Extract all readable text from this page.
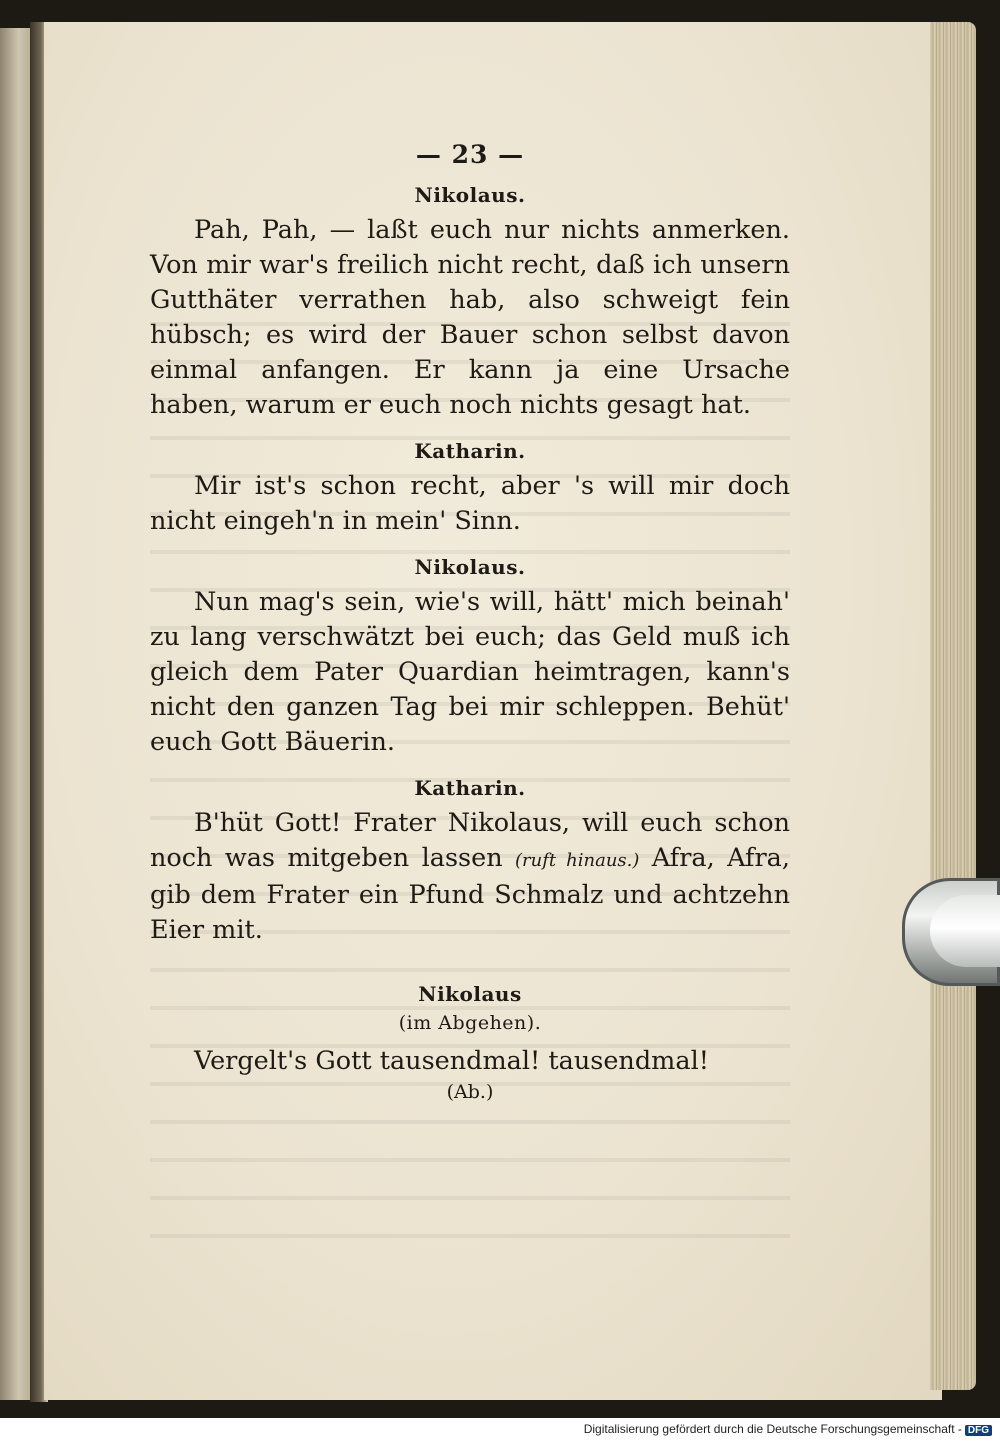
— 23 —
Nikolaus.

Pah, Pah, — laßt euch nur nichts anmerken. Von mir war's freilich nicht recht, daß ich unsern Gutthäter verrathen hab, also schweigt fein hübsch; es wird der Bauer schon selbst davon einmal anfangen. Er kann ja eine Ursache haben, warum er euch noch nichts gesagt hat.

Katharin.

Mir ist's schon recht, aber 's will mir doch nicht eingeh'n in mein' Sinn.

Nikolaus.

Nun mag's sein, wie's will, hätt' mich beinah' zu lang verschwätzt bei euch; das Geld muß ich gleich dem Pater Quardian heimtragen, kann's nicht den ganzen Tag bei mir schleppen. Behüt' euch Gott Bäuerin.

Katharin.

B'hüt Gott! Frater Nikolaus, will euch schon noch was mitgeben lassen (ruft hinaus.) Afra, Afra, gib dem Frater ein Pfund Schmalz und achtzehn Eier mit.

Nikolaus
(im Abgehen).

Vergelt's Gott tausendmal! tausendmal!

(Ab.)
Digitalisierung gefördert durch die Deutsche Forschungsgemeinschaft - DFG
